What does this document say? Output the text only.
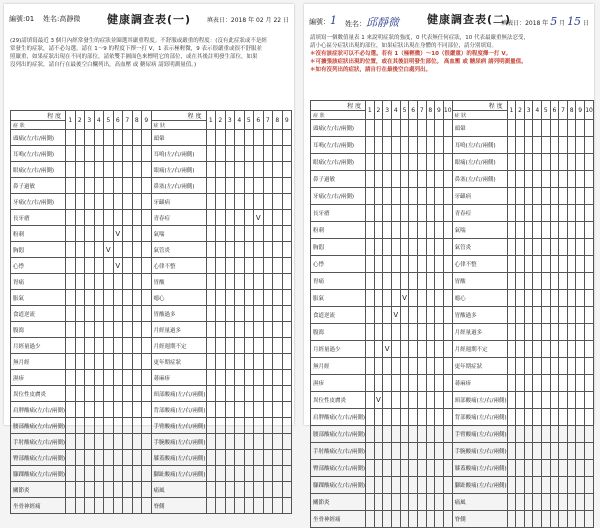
編號:01 姓名:高靜微	健康調查表(一)	填表日：2018 年 02 月 22 日
(29)請填寫最近 3 個月內經常發生的症狀並圈選其嚴重程度。不舒服或嚴重的程度：(沒有此症狀或不是經
常發生的症狀，請不必勾選。請在 1～9 的程度下擇一打 V，1 表示極輕微，9 表示很嚴重或很不舒服並
照嚴重，如果症狀出現在不同的部位，請依雙手圖面色來標明它的部位，或在其後註明發生部位，如果
沒列出的症狀，請自行在最後空白欄列出，高血壓 或 糖尿病 請寫明測量值。)
程 度	1	2	3	4	5	6	7	8	9	程 度	1	2	3	4	5	6	7	8	9
症 狀										症 狀									
頭痛(左/右/兩側)										頭暈									
耳鳴(左/右/兩側)										耳鳴(左/右/兩側)									
眼痛(左/右/兩側)										眼痛(左/右/兩側)									
鼻子過敏										鼻塞(左/右/兩側)									
牙痛(左/右/兩側)										牙齦病									
長牙瘡										青春痘						V			
粉刺						V				氣喘									
胸悶					V					氣管炎									
心悸						V				心律不整									
胃痛										胃酸									
脹氣										噁心									
食道逆流										胃酸過多									
腹瀉										月經量過多									
月經量過少										月經週期不定									
無月經										更年期症狀									
濕疹										蕁麻疹									
異位性皮膚炎										頸部酸痛(左/右/兩側)									
肩胛酸痛(左/右/兩側)										背部酸痛(左/右/兩側)									
腰部酸痛(左/右/兩側)										手臂酸痛(左/右/兩側)									
手肘酸痛(左/右/兩側)										手腕酸痛(左/右/兩側)									
臀部酸痛(左/右/兩側)										膝蓋酸痛(左/右/兩側)									
腳踝酸痛(左/右/兩側)										腳趾酸痛(左/右/兩側)									
關節炎										痛風									
坐骨神經痛										脊側									
編號：1 姓名：邱靜微	健康調查表(二)
填表日：2018 年 5 月 15 日
請填寫一個數值量表 1 來說明症狀的強度，0 代表無任何症狀，10 代表最嚴重無法忍受，
請小心區分症狀出現的部位，如果症狀出現在身體的不同部位，請分別填寫。
＊沒有該症狀可以不必勾選。若有 1（極輕微）～10（很嚴重）的程度擇一打 V。
＊可擴張該症狀出現的位置，或在其後註明發生部位。 高血壓 或 糖尿病 請列明測量值。
＊如有沒列出的症狀，請自行在最後空白處列出。
程 度	1	2	3	4	5	6	7	8	9	10	程 度	1	2	3	4	5	6	7	8	9	10
症 狀											症 狀										
頭痛(左/右/兩側)											頭暈										
耳鳴(左/右/兩側)											耳鳴(左/右/兩側)										
眼痛(左/右/兩側)											眼痛(左/右/兩側)										
鼻子過敏											鼻塞(左/右/兩側)										
牙痛(左/右/兩側)											牙齦病										
長牙瘡											青春痘										
粉刺											氣喘										
胸悶											氣管炎										
心悸											心律不整										
胃痛											胃酸										
脹氣					V						噁心										
食道逆流				V							胃酸過多										
腹瀉											月經量過多										
月經量過少			V								月經週期不定										
無月經											更年期症狀										
濕疹											蕁麻疹										
異位性皮膚炎		V									頸部酸痛(左/右/兩側)										
肩胛酸痛(左/右/兩側)											背部酸痛(左/右/兩側)										
腰部酸痛(左/右/兩側)											手臂酸痛(左/右/兩側)										
手肘酸痛(左/右/兩側)											手腕酸痛(左/右/兩側)										
臀部酸痛(左/右/兩側)											膝蓋酸痛(左/右/兩側)										
腳踝酸痛(左/右/兩側)											腳趾酸痛(左/右/兩側)										
關節炎											痛風										
坐骨神經痛											脊側										
